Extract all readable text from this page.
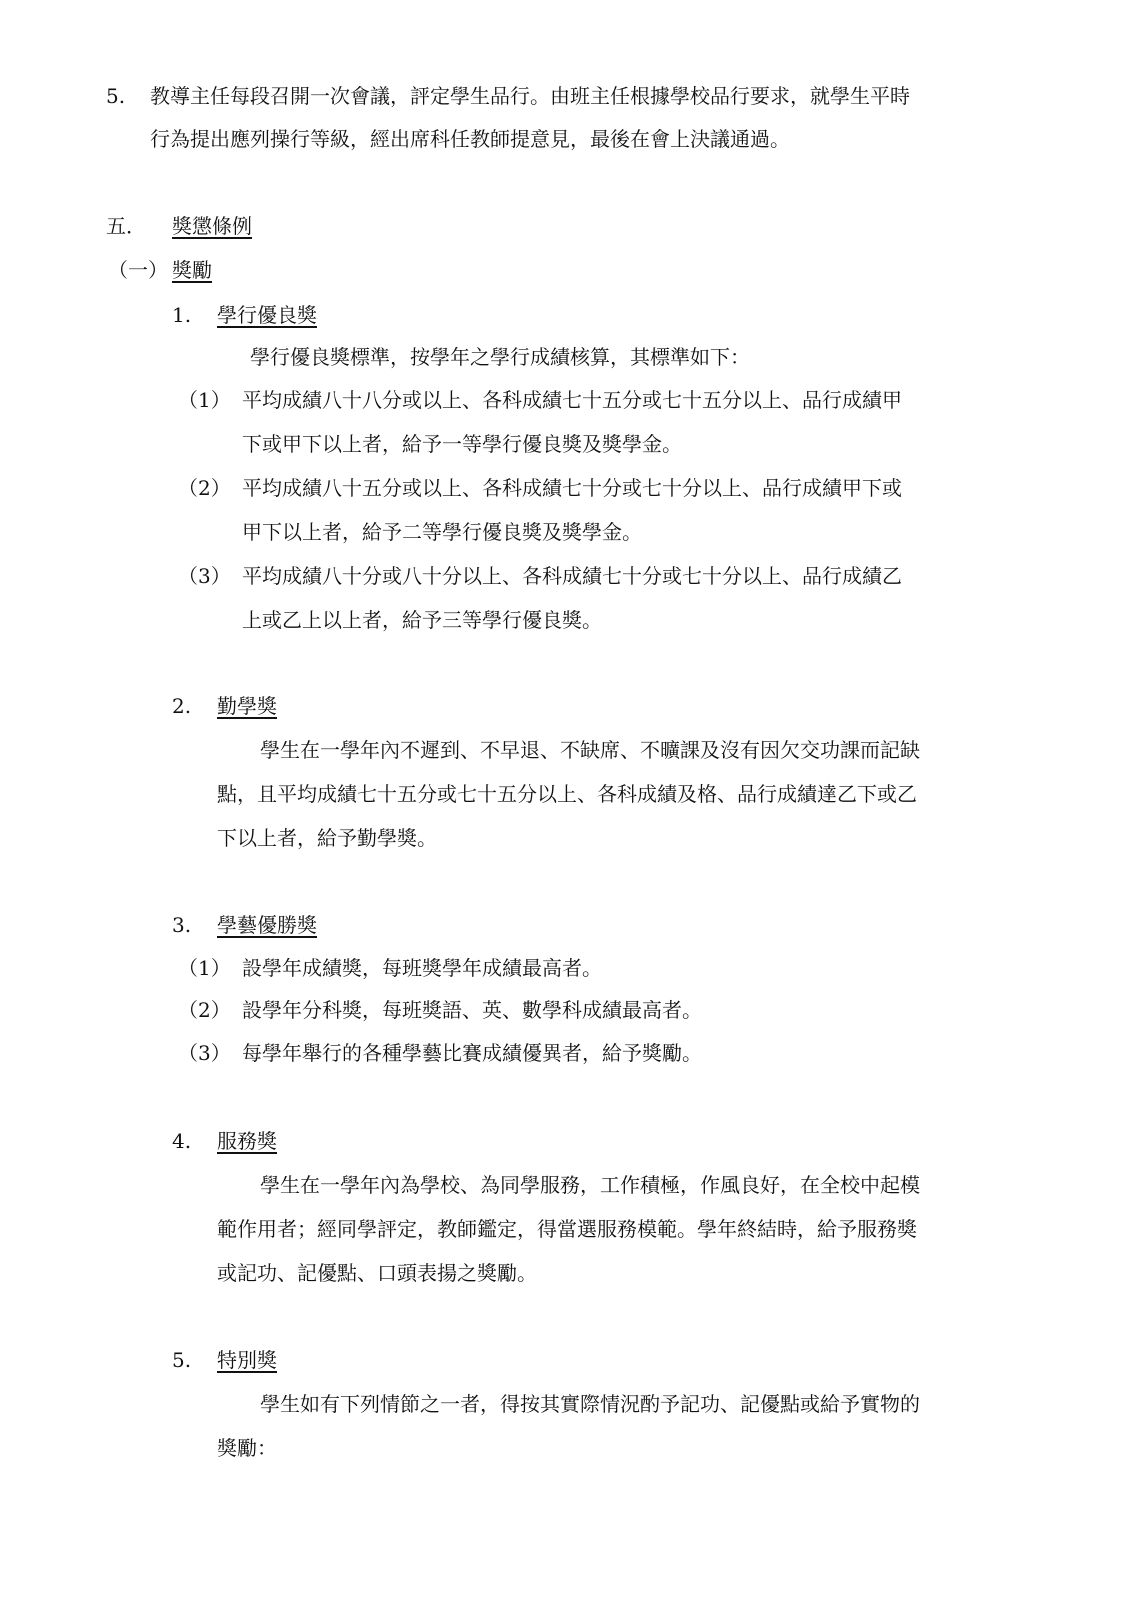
5. 教導主任每段召開一次會議，評定學生品行。由班主任根據學校品行要求，就學生平時
行為提出應列操行等級，經出席科任教師提意見，最後在會上決議通過。
五． 獎懲條例
（一） 獎勵
1. 學行優良獎
學行優良獎標準，按學年之學行成績核算，其標準如下：
（1） 平均成績八十八分或以上、各科成績七十五分或七十五分以上、品行成績甲
下或甲下以上者，給予一等學行優良獎及獎學金。
（2） 平均成績八十五分或以上、各科成績七十分或七十分以上、品行成績甲下或
甲下以上者，給予二等學行優良獎及獎學金。
（3） 平均成績八十分或八十分以上、各科成績七十分或七十分以上、品行成績乙
上或乙上以上者，給予三等學行優良獎。
2. 勤學獎
學生在一學年內不遲到、不早退、不缺席、不曠課及沒有因欠交功課而記缺
點，且平均成績七十五分或七十五分以上、各科成績及格、品行成績達乙下或乙
下以上者，給予勤學獎。
3. 學藝優勝獎
（1） 設學年成績獎，每班獎學年成績最高者。
（2） 設學年分科獎，每班獎語、英、數學科成績最高者。
（3） 每學年舉行的各種學藝比賽成績優異者，給予獎勵。
4. 服務獎
學生在一學年內為學校、為同學服務，工作積極，作風良好，在全校中起模
範作用者；經同學評定，教師鑑定，得當選服務模範。學年終結時，給予服務獎
或記功、記優點、口頭表揚之獎勵。
5. 特別獎
學生如有下列情節之一者，得按其實際情況酌予記功、記優點或給予實物的
獎勵：
